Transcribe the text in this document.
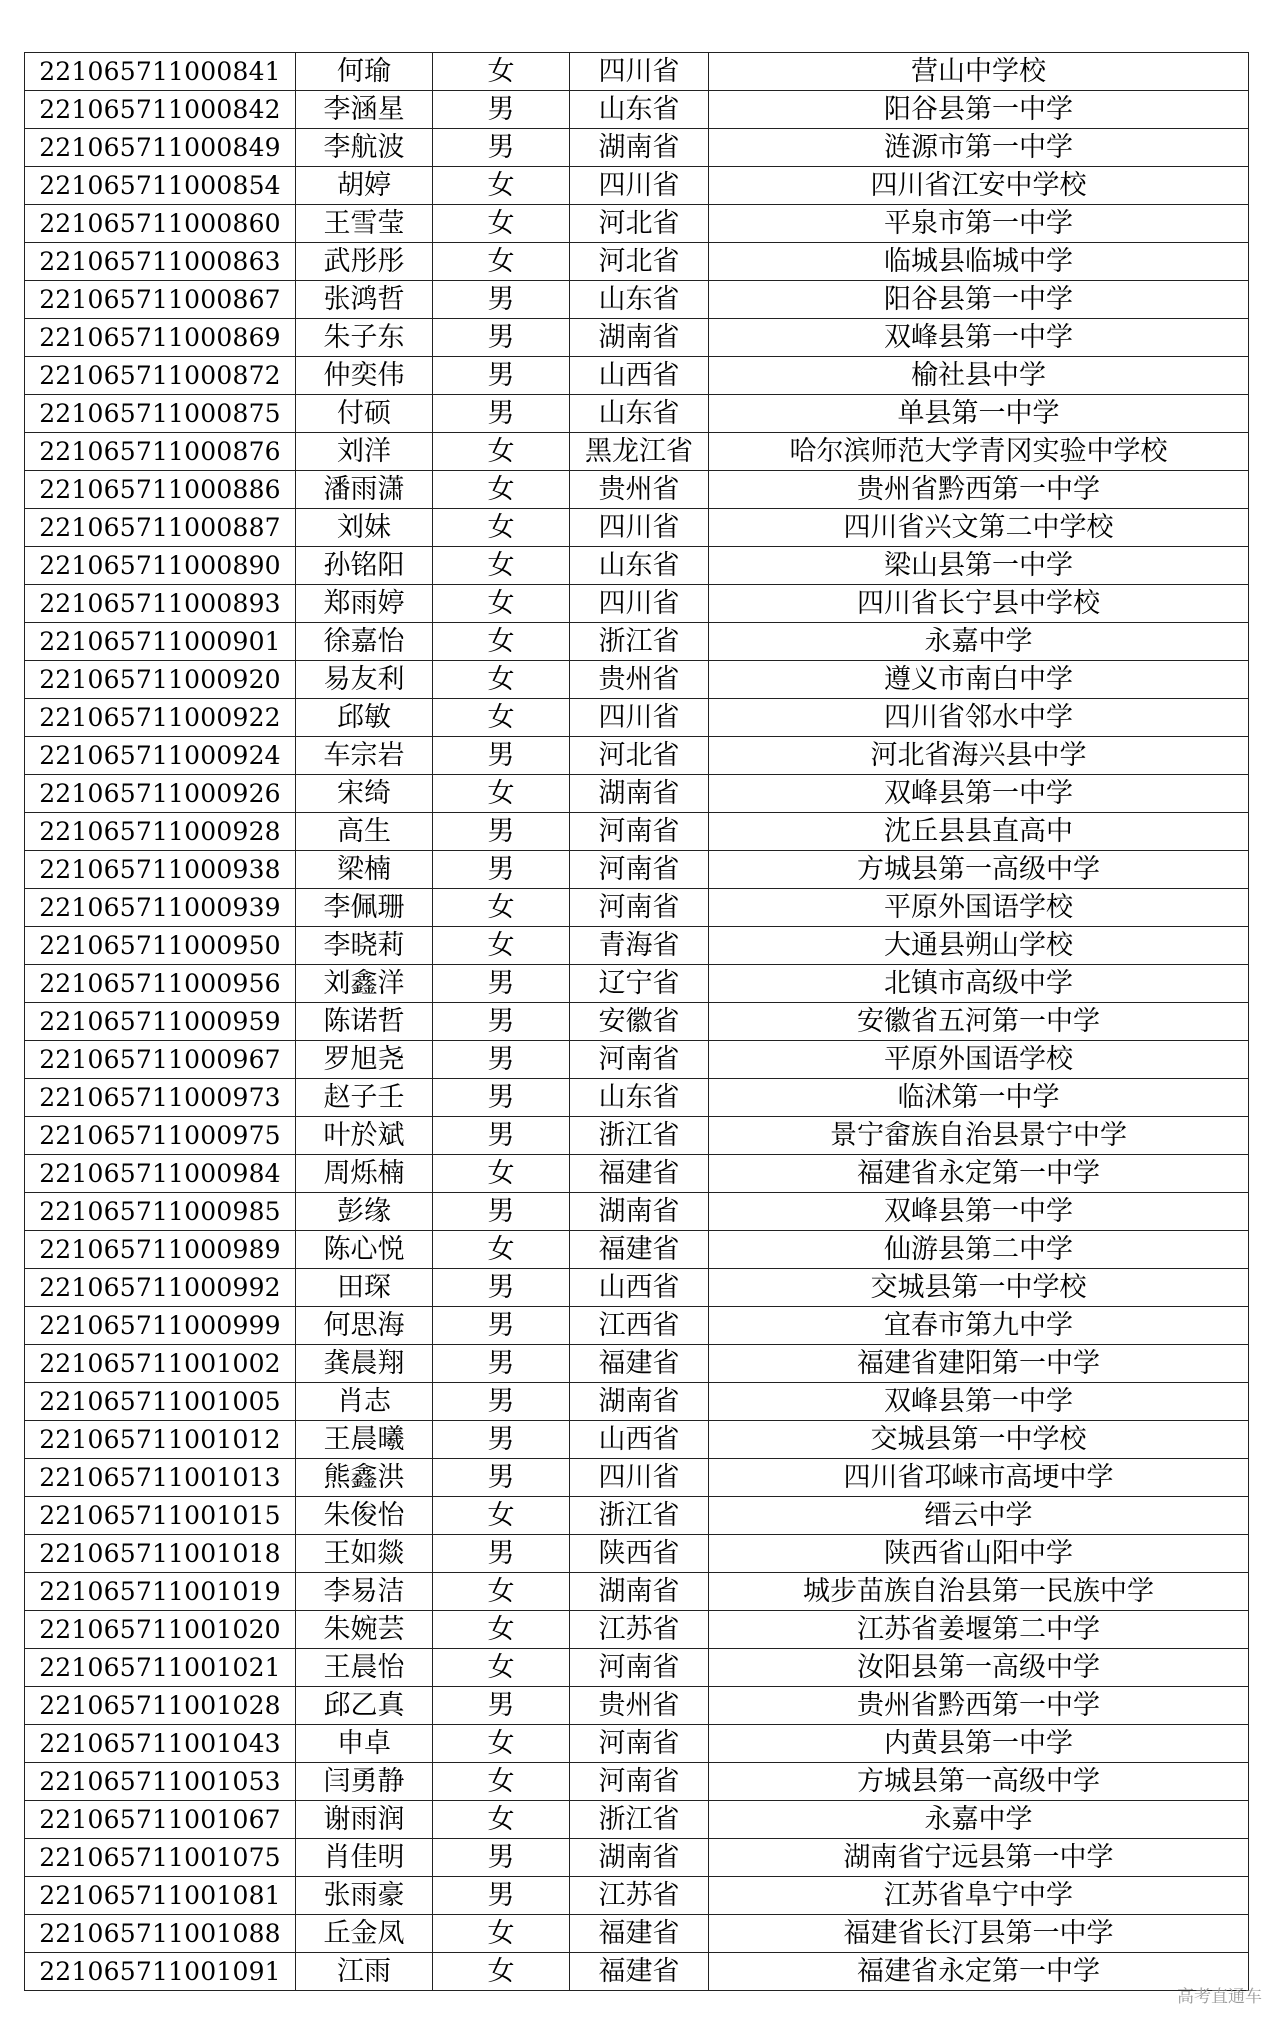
221065711000841	何瑜	女	四川省	营山中学校
221065711000842	李涵星	男	山东省	阳谷县第一中学
221065711000849	李航波	男	湖南省	涟源市第一中学
221065711000854	胡婷	女	四川省	四川省江安中学校
221065711000860	王雪莹	女	河北省	平泉市第一中学
221065711000863	武彤彤	女	河北省	临城县临城中学
221065711000867	张鸿哲	男	山东省	阳谷县第一中学
221065711000869	朱子东	男	湖南省	双峰县第一中学
221065711000872	仲奕伟	男	山西省	榆社县中学
221065711000875	付硕	男	山东省	单县第一中学
221065711000876	刘洋	女	黑龙江省	哈尔滨师范大学青冈实验中学校
221065711000886	潘雨潇	女	贵州省	贵州省黔西第一中学
221065711000887	刘妹	女	四川省	四川省兴文第二中学校
221065711000890	孙铭阳	女	山东省	梁山县第一中学
221065711000893	郑雨婷	女	四川省	四川省长宁县中学校
221065711000901	徐嘉怡	女	浙江省	永嘉中学
221065711000920	易友利	女	贵州省	遵义市南白中学
221065711000922	邱敏	女	四川省	四川省邻水中学
221065711000924	车宗岩	男	河北省	河北省海兴县中学
221065711000926	宋绮	女	湖南省	双峰县第一中学
221065711000928	高生	男	河南省	沈丘县县直高中
221065711000938	梁楠	男	河南省	方城县第一高级中学
221065711000939	李佩珊	女	河南省	平原外国语学校
221065711000950	李晓莉	女	青海省	大通县朔山学校
221065711000956	刘鑫洋	男	辽宁省	北镇市高级中学
221065711000959	陈诺哲	男	安徽省	安徽省五河第一中学
221065711000967	罗旭尧	男	河南省	平原外国语学校
221065711000973	赵子壬	男	山东省	临沭第一中学
221065711000975	叶於斌	男	浙江省	景宁畲族自治县景宁中学
221065711000984	周烁楠	女	福建省	福建省永定第一中学
221065711000985	彭缘	男	湖南省	双峰县第一中学
221065711000989	陈心悦	女	福建省	仙游县第二中学
221065711000992	田琛	男	山西省	交城县第一中学校
221065711000999	何思海	男	江西省	宜春市第九中学
221065711001002	龚晨翔	男	福建省	福建省建阳第一中学
221065711001005	肖志	男	湖南省	双峰县第一中学
221065711001012	王晨曦	男	山西省	交城县第一中学校
221065711001013	熊鑫洪	男	四川省	四川省邛崃市高埂中学
221065711001015	朱俊怡	女	浙江省	缙云中学
221065711001018	王如燚	男	陕西省	陕西省山阳中学
221065711001019	李易洁	女	湖南省	城步苗族自治县第一民族中学
221065711001020	朱婉芸	女	江苏省	江苏省姜堰第二中学
221065711001021	王晨怡	女	河南省	汝阳县第一高级中学
221065711001028	邱乙真	男	贵州省	贵州省黔西第一中学
221065711001043	申卓	女	河南省	内黄县第一中学
221065711001053	闫勇静	女	河南省	方城县第一高级中学
221065711001067	谢雨润	女	浙江省	永嘉中学
221065711001075	肖佳明	男	湖南省	湖南省宁远县第一中学
221065711001081	张雨豪	男	江苏省	江苏省阜宁中学
221065711001088	丘金凤	女	福建省	福建省长汀县第一中学
221065711001091	江雨	女	福建省	福建省永定第一中学
高考直通车
